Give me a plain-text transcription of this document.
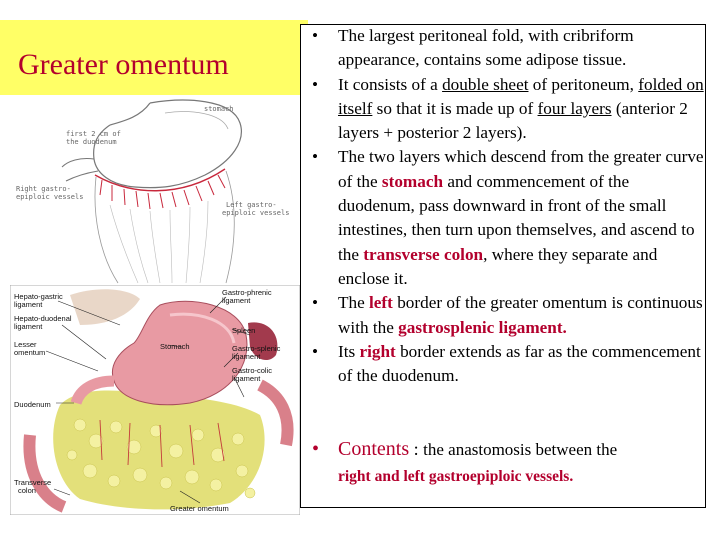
Greater omentum
stomach
first 2 cm of
the duodenum
Right gastro-
epiploic vessels
Left gastro-
epiploic vessels
Hepato-gastric
ligament
Hepato-duodenal
ligament
Lesser
omentum
Duodenum
Transverse
colon
Greater omentum
Gastro-phrenic
ligament
Spleen
Gastro-splenic
ligament
Gastro-colic
ligament
Stomach
• The largest peritoneal fold, with cribriform appearance, contains some adipose tissue.
• It consists of a double sheet of peritoneum, folded on itself so that it is made up of four layers (anterior 2 layers + posterior 2 layers).
• The two layers which descend from the greater curve of the stomach and commencement of the duodenum, pass downward in front of the small intestines, then turn upon themselves, and ascend to the transverse colon, where they separate and enclose it.
• The left border of the greater omentum is continuous with the gastrosplenic ligament.
• Its right border extends as far as the commencement of the duodenum.
• Contents : the anastomosis between the
right and left gastroepiploic vessels.
